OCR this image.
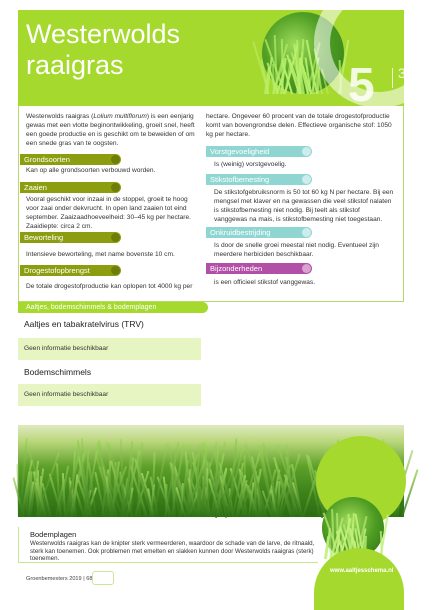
Westerwolds
raaigras	5 3
Westerwolds raaigras (Lolium multiflorum) is een eenjarig gewas met een vlotte beginontwikkeling, groeit snel, heeft een goede productie en is geschikt om te beweiden of om een snede gras van te oogsten.
Grondsoorten
Kan op alle grondsoorten verbouwd worden.
Zaaien
Vooral geschikt voor inzaai in de stoppel, groeit te hoog voor zaai onder dekvrucht. In open land zaaien tot eind september. Zaaizaadhoeveelheid: 30–45 kg per hectare. Zaaidiepte: circa 2 cm.
Beworteling
Intensieve beworteling, met name bovenste 10 cm.
Drogestofopbrengst
De totale drogestofproductie kan oplopen tot 4000 kg per
hectare. Ongeveer 60 procent van de totale drogestofproductie komt van bovengrondse delen. Effectieve organische stof: 1050 kg per hectare.
Vorstgevoeligheid
Is (weinig) vorstgevoelig.
Stikstofbemesting
De stikstofgebruiksnorm is 50 tot 60 kg N per hectare. Bij een mengsel met klaver en na gewassen die veel stikstof nalaten is stikstofbemesting niet nodig. Bij teelt als stikstof vanggewas na mais, is stikstofbemesting niet toegestaan.
Onkruidbestrijding
Is door de snelle groei meestal niet nodig. Eventueel zijn meerdere herbiciden beschikbaar.
Bijzonderheden
is een officieel stikstof vanggewas.
Aaltjes, bodemschimmels & bodemplagen
Aaltjes en tabakratelvirus (TRV)
Geen informatie beschikbaar
Bodemschimmels
Geen informatie beschikbaar
www.aaltjesschema.nl
Bodemplagen
Westerwolds raaigras kan de knipter sterk vermeerderen, waardoor de schade van de larve, de ritnaald, sterk kan toenemen. Ook problemen met emelten en slakken kunnen door Westerwolds raaigras (sterk) toenemen.
Groenbemesters 2019 | 68
